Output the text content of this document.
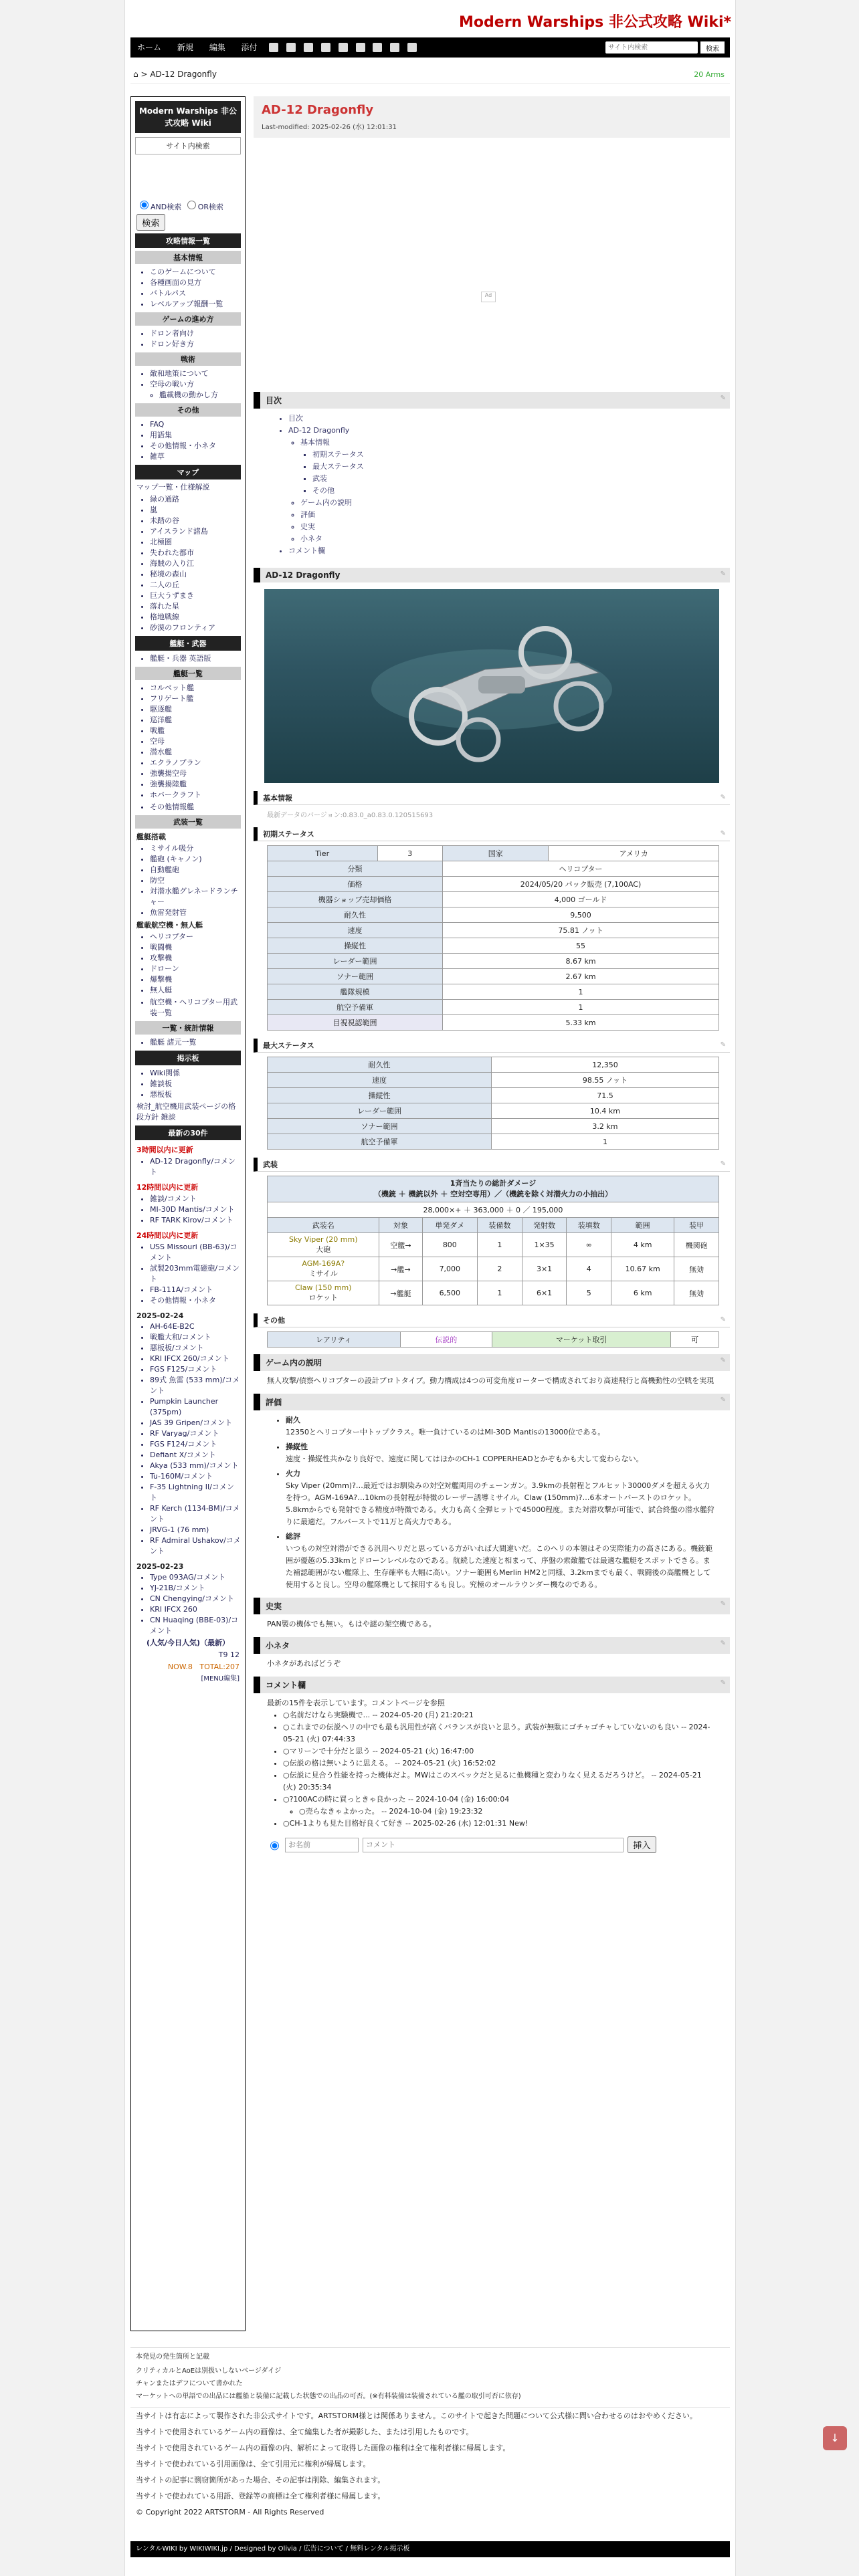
Modern Warships 非公式攻略 Wiki*
ホーム 新規 編集 添付
サイト内検索	検索
⌂ > AD-12 Dragonfly	20 Arms
Modern Warships 非公式攻略 Wiki
サイト内検索
AND検索 OR検索
検索
攻略情報一覧
基本情報
• このゲームについて
• 各種画面の見方
• バトルパス
• レベルアップ報酬一覧
ゲームの進め方
• ドロン者向け
• ドロン好き方
戦術
• 敵和地策について
• 空母の戦い方
◦ 艦載機の動かし方
その他
• FAQ
• 用語集
• その他情報・小ネタ
• 雑草
マップ
マップ一覧・仕様解説
• 緑の通路
• 嵐
• 未踏の谷
• アイスランド諸島
• 北極圏
• 失われた都市
• 海賊の入り江
• 秘境の森山
• 二人の丘
• 巨大うずまき
• 落れた星
• 格地戦線
• 砂漠のフロンティア
艦艇・武器
• 艦艇・兵器 英語版
艦艇一覧
• コルベット艦
• フリゲート艦
• 駆逐艦
• 巡洋艦
• 戦艦
• 空母
• 潜水艦
• エクラノプラン
• 強襲揚空母
• 強襲揚陸艦
• ホバークラフト
• その他情報艦
武装一覧
艦艇搭載
• ミサイル吸分
• 艦砲 (キャノン)
• 自動艦砲
• 防空
• 対潜水艦グレネードランチャー
• 魚雷発射管
艦載航空機・無人艇
• ヘリコプター
• 戦闘機
• 攻撃機
• ドローン
• 爆撃機
• 無人艇
• 航空機・ヘリコプター用武装一覧
一覧・統計情報
• 艦艇 諸元一覧
掲示板
• Wiki関係
• 雑談板
• 悪板板
検討_航空機用武装ページの格段方針 雑談
最新の30件
3時間以内に更新
• AD-12 Dragonfly/コメント
12時間以内に更新
• 雑談/コメント
• MI-30D Mantis/コメント
• RF TARK Kirov/コメント
24時間以内に更新
• USS Missouri (BB-63)/コメント
• 試製203mm電磁砲/コメント
• FB-111A/コメント
• その他情報・小ネタ
2025-02-24
• AH-64E-B2C
• 戦艦大和/コメント
• 悪板板/コメント
• KRI IFCX 260/コメント
• FGS F125/コメント
• 89式 魚雷 (533 mm)/コメント
• Pumpkin Launcher (375pm)
• JAS 39 Gripen/コメント
• RF Varyag/コメント
• FGS F124/コメント
• Defiant X/コメント
• Akya (533 mm)/コメント
• Tu-160M/コメント
• F-35 Lightning II/コメント
• RF Kerch (1134-BM)/コメント
• JRVG-1 (76 mm)
• RF Admiral Ushakov/コメント
2025-02-23
• Type 093AG/コメント
• YJ-21B/コメント
• CN Chengying/コメント
• KRI IFCX 260
• CN Huaqing (BBE-03)/コメント
(人気/今日人気)（最新）
T9 12
NOW.8 TOTAL:207
[MENU編集]
AD-12 Dragonfly
Last-modified: 2025-02-26 (水) 12:01:31
Ad
目次	✎
• 目次
• AD-12 Dragonfly
◦ 基本情報
▪ 初期ステータス
▪ 最大ステータス
▪ 武装
▪ その他
◦ ゲーム内の説明
◦ 評価
◦ 史実
◦ 小ネタ
• コメント欄
AD-12 Dragonfly	✎
基本情報	✎
最新データのバージョン:0.83.0_a0.83.0.120515693
初期ステータス	✎
Tier	3	国家	アメリカ
分類		ヘリコプター	
価格		2024/05/20 パック販売 (7,100AC)	
機器ショップ売却価格		4,000 ゴールド	
耐久性		9,500	
速度		75.81 ノット	
操縦性		55	
レーダー範囲		8.67 km	
ソナー範囲		2.67 km	
艦隊規模		1	
航空予備軍		1	
目視視認範囲		5.33 km	
最大ステータス	✎
耐久性	12,350
速度	98.55 ノット
操縦性	71.5
レーダー範囲	10.4 km
ソナー範囲	3.2 km
航空予備軍	1
武装	✎
1斉当たりの総計ダメージ
（機銃 ＋ 機銃以外 ＋ 空対空専用）／（機銃を除く対潜火力の小抽出）							

28,000×+ ＋ 363,000 ＋ 0 ／ 195,000							
武装名	対象	単発ダメ	装備数	発射数	装填数	範囲	装甲

Sky Viper (20 mm)
大砲	空艦→	800	1	1×35	∞	4 km	機関砲

AGM-169A?
ミサイル	→艦→	7,000	2	3×1	4	10.67 km	無効

Claw (150 mm)
ロケット	→艦艇	6,500	1	6×1	5	6 km	無効
その他	✎
レアリティ	伝説的	マーケット取引	可
ゲーム内の説明	✎
無人攻撃/偵察ヘリコプターの設計プロトタイプ。動力構成は4つの可変角度ローターで構成されており高速飛行と高機動性の空戦を実現
評価	✎
• 耐久
12350とヘリコプター中トップクラス。唯一負けているのはMI-30D Mantisの13000位である。
• 操縦性
速度・操縦性共かなり良好で、速度に関してはほかのCH-1 COPPERHEADとかぞもかも大して変わらない。
• 火力
Sky Viper (20mm)?…最近ではお馴染みの対空対艦両用のチェーンガン。3.9kmの長射程とフルヒット30000ダメを超える火力を持つ。AGM-169A?…10kmの長射程が特徴のレーザー誘導ミサイル。Claw (150mm)?…6本オートバーストのロケット。5.8kmからでも発射できる精度が特徴である。火力も高く全弾ヒットで45000程度。また対潜攻撃が可能で、試合終盤の潜水艦狩りに最適だ。フルバーストで11万と高火力である。
• 総評
いつもの対空対潜ができる汎用ヘリだと思っている方がいれば大間違いだ。このヘリの本領はその実際能力の高さにある。機銃範囲が優越の5.33kmとドローンレベルなのである。航続した速度と相まって、序盤の索敵艦では最適な艦艇をスポットできる。また補認範囲がない艦隊上、生存確率も大幅に高い。ソナー範囲もMerlin HM2と同様、3.2kmまでも最く、戦闘後の高艦機として使用すると良し。空母の艦隊機として採用するも良し。究極のオールラウンダー機なのである。
史実	✎
PAN製の機体でも無い。もはや謎の架空機である。
小ネタ	✎
小ネタがあればどうぞ
コメント欄	✎
最新の15件を表示しています。コメントページを参照
• ○名前だけなら実験機で... -- 2024-05-20 (月) 21:20:21
• ○これまでの伝説ヘリの中でも最も汎用性が高くバランスが良いと思う。武装が無駄にゴチャゴチャしていないのも良い -- 2024-05-21 (火) 07:44:33
• ○マリーンで十分だと思う -- 2024-05-21 (火) 16:47:00
• ○伝説の格は無いように思える。 -- 2024-05-21 (火) 16:52:02
• ○伝説に見合う性能を持った機体だよ。MWはこのスペックだと見るに他機種と変わりなく見えるだろうけど。 -- 2024-05-21 (火) 20:35:34
• ○?100ACの時に買っときゃ良かった -- 2024-10-04 (金) 16:00:04
◦ ○売らなきゃよかった。 -- 2024-10-04 (金) 19:23:32
• ○CH-1よりも見た目格好良くて好き -- 2025-02-26 (水) 12:01:31 New!
お名前
コメント
挿入
本発見の発生箇所と記載
クリティカルとAoEは別扱いしないベージダイジ
チャンまたはデフについて書かれた
マーケットへの単語での出品には艦船と装備に記載した状態での出品の可否。(※有料装備は装備されている艦の取引可否に依存)
当サイトは有志によって製作された非公式サイトです。ARTSTORM様とは関係ありません。このサイトで起きた問題について公式様に問い合わせるのはおやめください。
当サイトで使用されているゲーム内の画像は、全て編集した者が撮影した、または引用したものです。
当サイトで使用されているゲーム内の画像の内、解析によって取得した画像の権利は全て権利者様に帰属します。
当サイトで使われている引用画像は、全て引用元に権利が帰属します。
当サイトの記事に剽窃箇所があった場合、その記事は削除、編集されます。
当サイトで使われている用語、登録等の商標は全て権利者様に帰属します。
© Copyright 2022 ARTSTORM - All Rights Reserved
レンタルWIKI by WIKIWIKI.jp / Designed by Olivia / 広告について / 無料レンタル掲示板
↓
